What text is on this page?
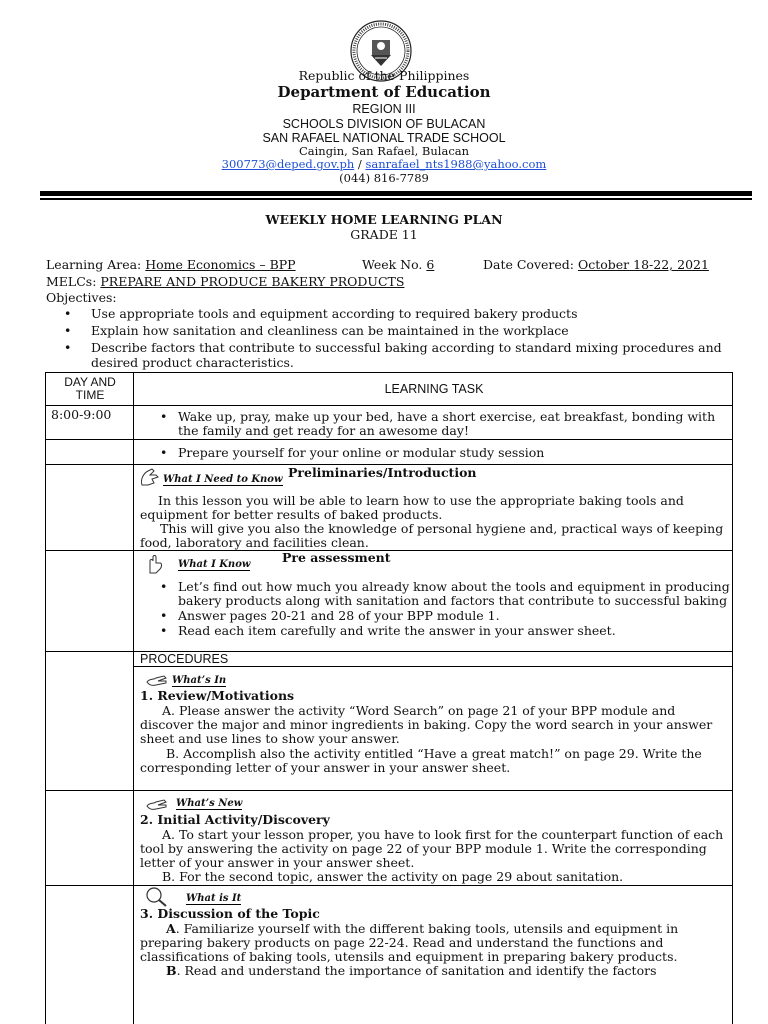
Republic of the Philippines
Department of Education
REGION III
SCHOOLS DIVISION OF BULACAN
SAN RAFAEL NATIONAL TRADE SCHOOL
Caingin, San Rafael, Bulacan
300773@deped.gov.ph / sanrafael_nts1988@yahoo.com
(044) 816-7789
WEEKLY HOME LEARNING PLAN
GRADE 11
Learning Area: Home Economics – BPP	Week No. 6	Date Covered: October 18-22, 2021
MELCs: PREPARE AND PRODUCE BAKERY PRODUCTS
Objectives:
• Use appropriate tools and equipment according to required bakery products
• Explain how sanitation and cleanliness can be maintained in the workplace
• Describe factors that contribute to successful baking according to standard mixing procedures and desired product characteristics.
DAY AND TIME	LEARNING TASK
8:00-9:00
•	Wake up, pray, make up your bed, have a short exercise, eat breakfast, bonding with the family and get ready for an awesome day!
• Prepare yourself for your online or modular study session
What I Need to Know Preliminaries/Introduction
In this lesson you will be able to learn how to use the appropriate baking tools and equipment for better results of baked products.
This will give you also the knowledge of personal hygiene and, practical ways of keeping food, laboratory and facilities clean.
What I Know	Pre assessment
• Let’s find out how much you already know about the tools and equipment in producing bakery products along with sanitation and factors that contribute to successful baking
• Answer pages 20-21 and 28 of your BPP module 1.
• Read each item carefully and write the answer in your answer sheet.
PROCEDURES
What’s In
1. Review/Motivations
A. Please answer the activity “Word Search” on page 21 of your BPP module and discover the major and minor ingredients in baking. Copy the word search in your answer sheet and use lines to show your answer.
B. Accomplish also the activity entitled “Have a great match!” on page 29. Write the corresponding letter of your answer in your answer sheet.
What’s New
2. Initial Activity/Discovery
A. To start your lesson proper, you have to look first for the counterpart function of each tool by answering the activity on page 22 of your BPP module 1. Write the corresponding letter of your answer in your answer sheet.
B. For the second topic, answer the activity on page 29 about sanitation.
What is It
3. Discussion of the Topic
A. Familiarize yourself with the different baking tools, utensils and equipment in preparing bakery products on page 22-24. Read and understand the functions and classifications of baking tools, utensils and equipment in preparing bakery products.
B. Read and understand the importance of sanitation and identify the factors
